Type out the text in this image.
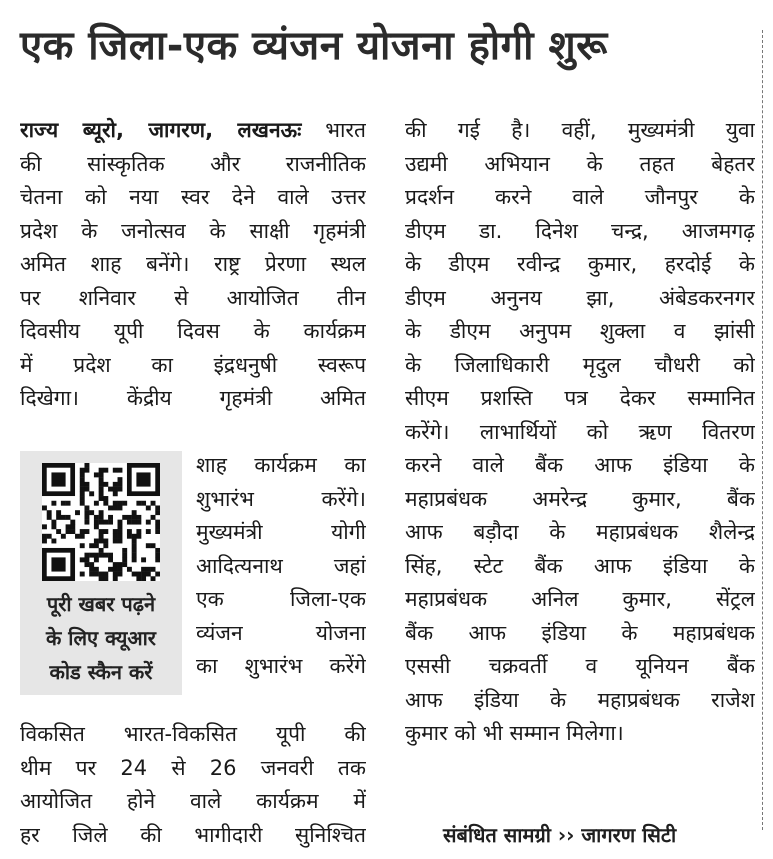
एक जिला-एक व्यंजन योजना होगी शुरू
राज्य ब्यूरो, जागरण, लखनऊः भारत
की सांस्कृतिक और राजनीतिक
चेतना को नया स्वर देने वाले उत्तर
प्रदेश के जनोत्सव के साक्षी गृहमंत्री
अमित शाह बनेंगे। राष्ट्र प्रेरणा स्थल
पर शनिवार से आयोजित तीन
दिवसीय यूपी दिवस के कार्यक्रम
में प्रदेश का इंद्रधनुषी स्वरूप
दिखेगा। केंद्रीय गृहमंत्री अमित
पूरी खबर पढ़ने
के लिए क्यूआर
कोड स्कैन करें
शाह कार्यक्रम का
शुभारंभ करेंगे।
मुख्यमंत्री योगी
आदित्यनाथ जहां
एक जिला-एक
व्यंजन योजना
का शुभारंभ करेंगे
विकसित भारत-विकसित यूपी की
थीम पर 24 से 26 जनवरी तक
आयोजित होने वाले कार्यक्रम में
हर जिले की भागीदारी सुनिश्चित
की गई है। वहीं, मुख्यमंत्री युवा
उद्यमी अभियान के तहत बेहतर
प्रदर्शन करने वाले जौनपुर के
डीएम डा. दिनेश चन्द्र, आजमगढ़
के डीएम रवीन्द्र कुमार, हरदोई के
डीएम अनुनय झा, अंबेडकरनगर
के डीएम अनुपम शुक्ला व झांसी
के जिलाधिकारी मृदुल चौधरी को
सीएम प्रशस्ति पत्र देकर सम्मानित
करेंगे। लाभार्थियों को ऋण वितरण
करने वाले बैंक आफ इंडिया के
महाप्रबंधक अमरेन्द्र कुमार, बैंक
आफ बड़ौदा के महाप्रबंधक शैलेन्द्र
सिंह, स्टेट बैंक आफ इंडिया के
महाप्रबंधक अनिल कुमार, सेंट्रल
बैंक आफ इंडिया के महाप्रबंधक
एससी चक्रवर्ती व यूनियन बैंक
आफ इंडिया के महाप्रबंधक राजेश
कुमार को भी सम्मान मिलेगा।
संबंधित सामग्री ›› जागरण सिटी
